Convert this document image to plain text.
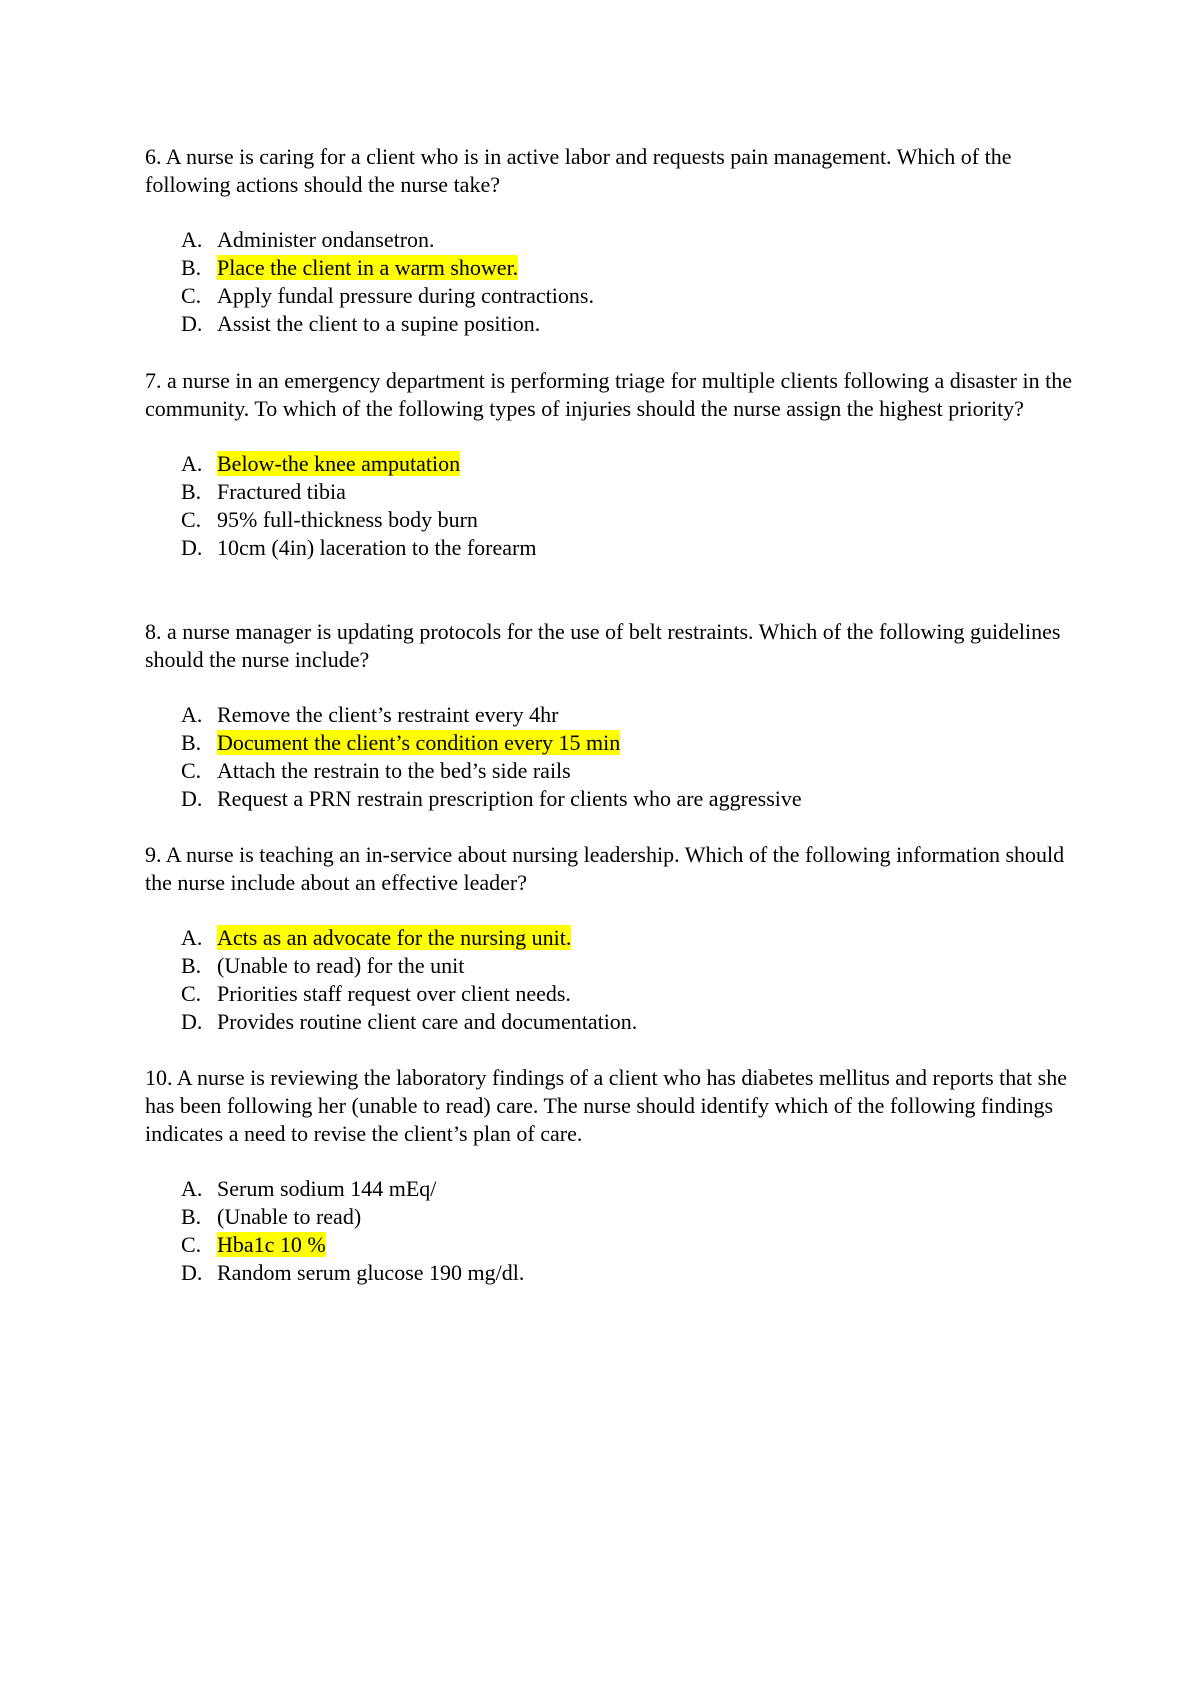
6. A nurse is caring for a client who is in active labor and requests pain management. Which of the following actions should the nurse take?

A. Administer ondansetron.
B. Place the client in a warm shower.
C. Apply fundal pressure during contractions.
D. Assist the client to a supine position.

7. a nurse in an emergency department is performing triage for multiple clients following a disaster in the community. To which of the following types of injuries should the nurse assign the highest priority?

A. Below-the knee amputation
B. Fractured tibia
C. 95% full-thickness body burn
D. 10cm (4in) laceration to the forearm

8. a nurse manager is updating protocols for the use of belt restraints. Which of the following guidelines should the nurse include?

A. Remove the client’s restraint every 4hr
B. Document the client’s condition every 15 min
C. Attach the restrain to the bed’s side rails
D. Request a PRN restrain prescription for clients who are aggressive

9. A nurse is teaching an in-service about nursing leadership. Which of the following information should the nurse include about an effective leader?

A. Acts as an advocate for the nursing unit.
B. (Unable to read) for the unit
C. Priorities staff request over client needs.
D. Provides routine client care and documentation.

10. A nurse is reviewing the laboratory findings of a client who has diabetes mellitus and reports that she has been following her (unable to read) care. The nurse should identify which of the following findings indicates a need to revise the client’s plan of care.

A. Serum sodium 144 mEq/
B. (Unable to read)
C. Hba1c 10 %
D. Random serum glucose 190 mg/dl.
